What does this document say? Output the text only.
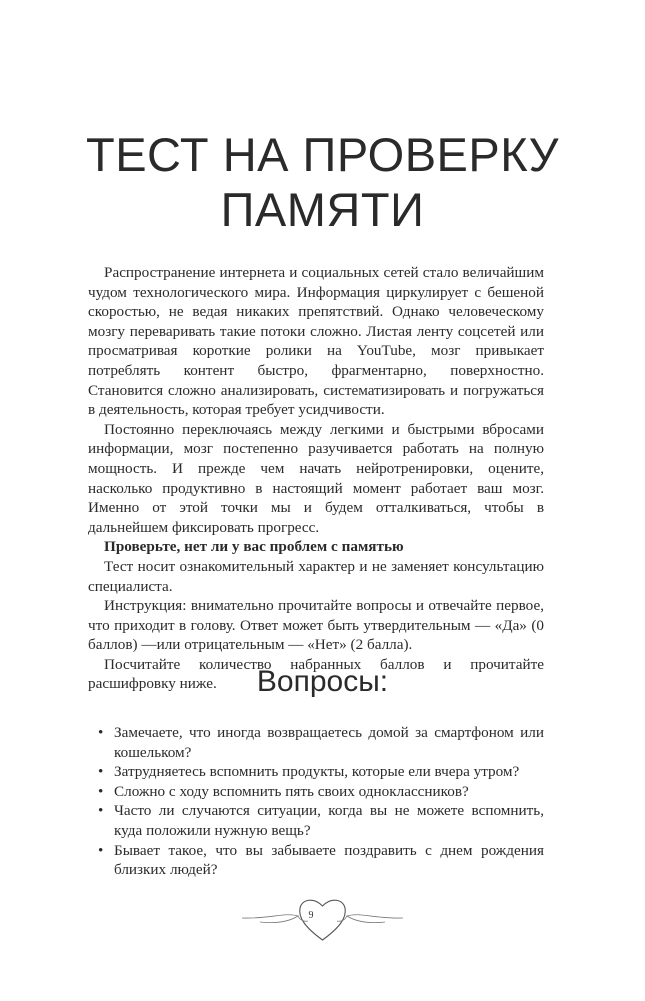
ТЕСТ НА ПРОВЕРКУ
ПАМЯТИ

Распространение интернета и социальных сетей стало величайшим чудом технологического мира. Информация циркулирует с бешеной скоростью, не ведая никаких препятствий. Однако человеческому мозгу переваривать такие потоки сложно. Листая ленту соцсетей или просматривая короткие ролики на YouTube, мозг привыкает потреблять контент быстро, фрагментарно, поверхностно. Становится сложно анализировать, систематизировать и погружаться в деятельность, которая требует усидчивости.

Постоянно переключаясь между легкими и быстрыми вбросами информации, мозг постепенно разучивается работать на полную мощность. И прежде чем начать нейротренировки, оцените, насколько продуктивно в настоящий момент работает ваш мозг. Именно от этой точки мы и будем отталкиваться, чтобы в дальнейшем фиксировать прогресс.

Проверьте, нет ли у вас проблем с памятью

Тест носит ознакомительный характер и не заменяет консультацию специалиста.

Инструкция: внимательно прочитайте вопросы и отвечайте первое, что приходит в голову. Ответ может быть утвердительным — «Да» (0 баллов) —или отрицательным — «Нет» (2 балла).

Посчитайте количество набранных баллов и прочитайте расшифровку ниже.	Вопросы:
• Замечаете, что иногда возвращаетесь домой за смартфоном или кошельком?
• Затрудняетесь вспомнить продукты, которые ели вчера утром?
• Сложно с ходу вспомнить пять своих одноклассников?
• Часто ли случаются ситуации, когда вы не можете вспомнить, куда положили нужную вещь?
• Бывает такое, что вы забываете поздравить с днем рождения близких людей?
9
